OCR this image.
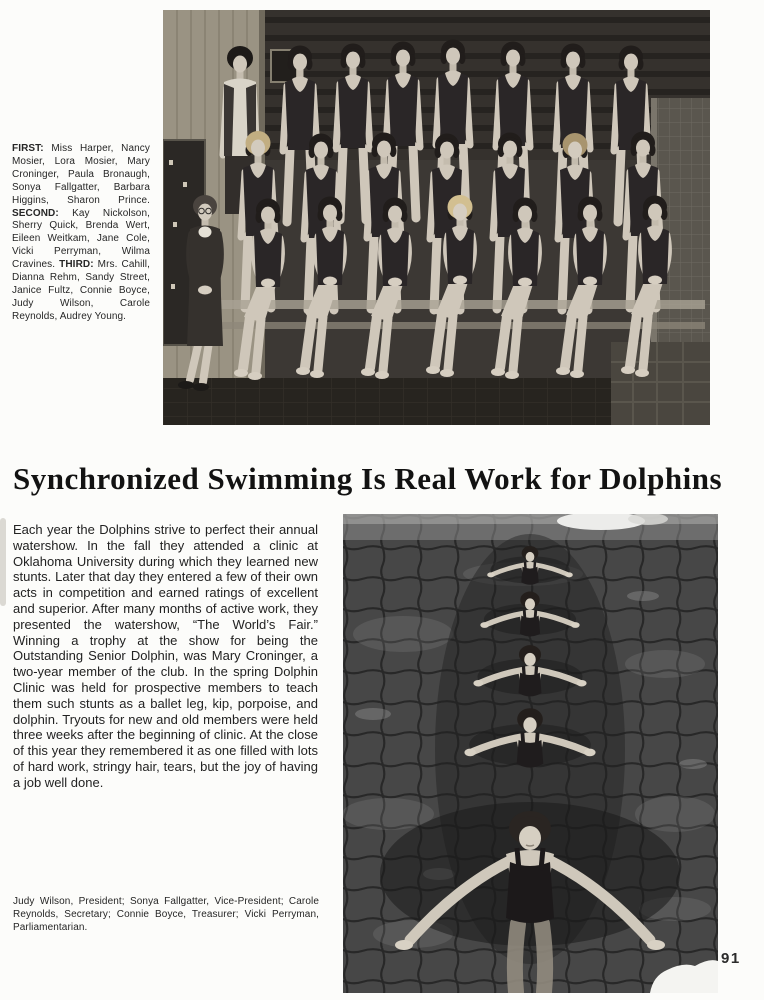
FIRST: Miss Harper, Nancy Mosier, Lora Mosier, Mary Croninger, Paula Bronaugh, Sonya Fallgatter, Barbara Higgins, Sharon Prince. SECOND: Kay Nickolson, Sherry Quick, Brenda Wert, Eileen Weitkam, Jane Cole, Vicki Perryman, Wilma Cravines. THIRD: Mrs. Cahill, Dianna Rehm, Sandy Street, Janice Fultz, Connie Boyce, Judy Wilson, Carole Reynolds, Audrey Young.
Synchronized Swimming Is Real Work for Dolphins
Each year the Dolphins strive to perfect their annual watershow. In the fall they attended a clinic at Oklahoma University during which they learned new stunts. Later that day they entered a few of their own acts in competition and earned ratings of excellent and superior. After many months of active work, they presented the watershow, “The World’s Fair.” Winning a trophy at the show for being the Outstanding Senior Dolphin, was Mary Croninger, a two-year member of the club. In the spring Dolphin Clinic was held for prospective members to teach them such stunts as a ballet leg, kip, porpoise, and dolphin. Tryouts for new and old members were held three weeks after the beginning of clinic. At the close of this year they remembered it as one filled with lots of hard work, stringy hair, tears, but the joy of having a job well done.
Judy Wilson, President; Sonya Fallgatter, Vice-President; Carole Reynolds, Secretary; Connie Boyce, Treasurer; Vicki Perryman, Parliamentarian.
91
